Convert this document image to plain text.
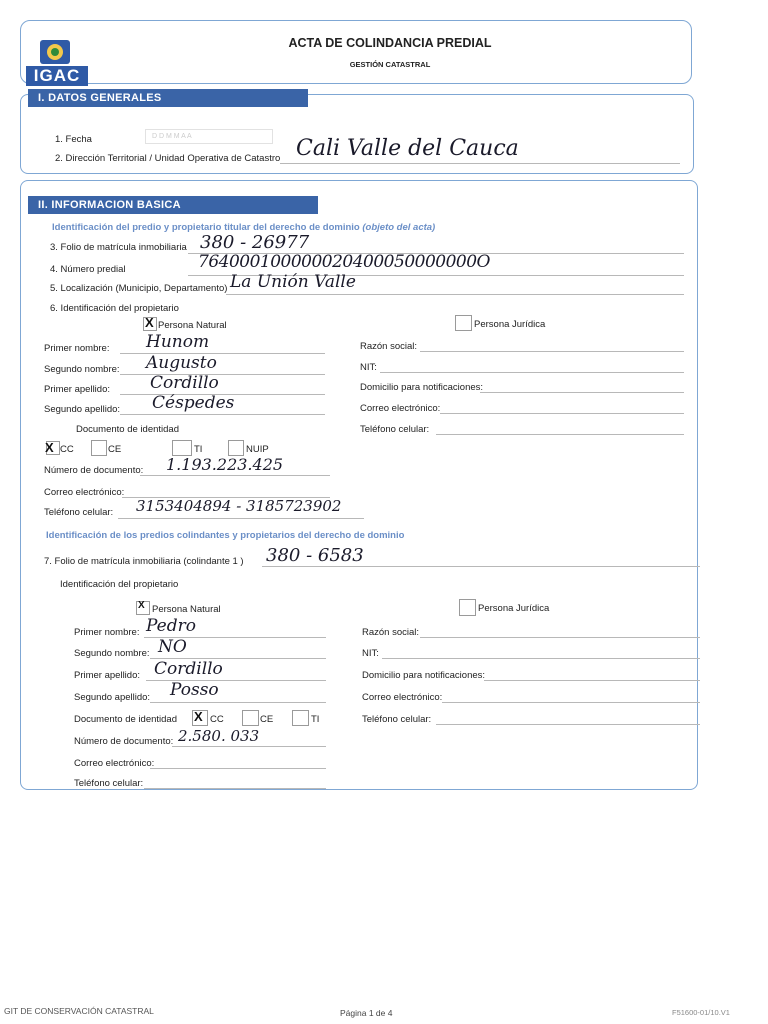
IGAC
ACTA DE COLINDANCIA PREDIAL
GESTIÓN CATASTRAL
I. DATOS GENERALES
1. Fecha	D D M M A A
2. Dirección Territorial / Unidad Operativa de Catastro Cali Valle del Cauca
II. INFORMACION BASICA
Identificación del predio y propietario titular del derecho de dominio (objeto del acta)
3. Folio de matrícula inmobiliaria 380 - 26977
4. Número predial	764000100000020400050000000O
5. Localización (Municipio, Departamento) La Unión Valle
6. Identificación del propietario
X Persona Natural	Persona Jurídica
Primer nombre: Hunom
Segundo nombre: Augusto
Primer apellido: Cordillo
Segundo apellido: Céspedes
Razón social:
NIT:
Domicilio para notificaciones:
Correo electrónico:
Teléfono celular:
Documento de identidad
X CC	CE	TI	NUIP
Número de documento: 1.193.223.425
Correo electrónico:
Teléfono celular: 3153404894 - 3185723902
Identificación de los predios colindantes y propietarios del derecho de dominio
7. Folio de matrícula inmobiliaria (colindante 1 ) 380 - 6583
Identificación del propietario
X Persona Natural	Persona Jurídica
Primer nombre: Pedro
Segundo nombre: NO
Primer apellido: Cordillo
Segundo apellido: Posso
Documento de identidad X CC	CE	TI
Número de documento: 2.580. 033
Correo electrónico:
Teléfono celular:
Razón social:
NIT:
Domicilio para notificaciones:
Correo electrónico:
Teléfono celular:
GIT DE CONSERVACIÓN CATASTRAL	Página 1 de 4	F51600-01/10.V1
